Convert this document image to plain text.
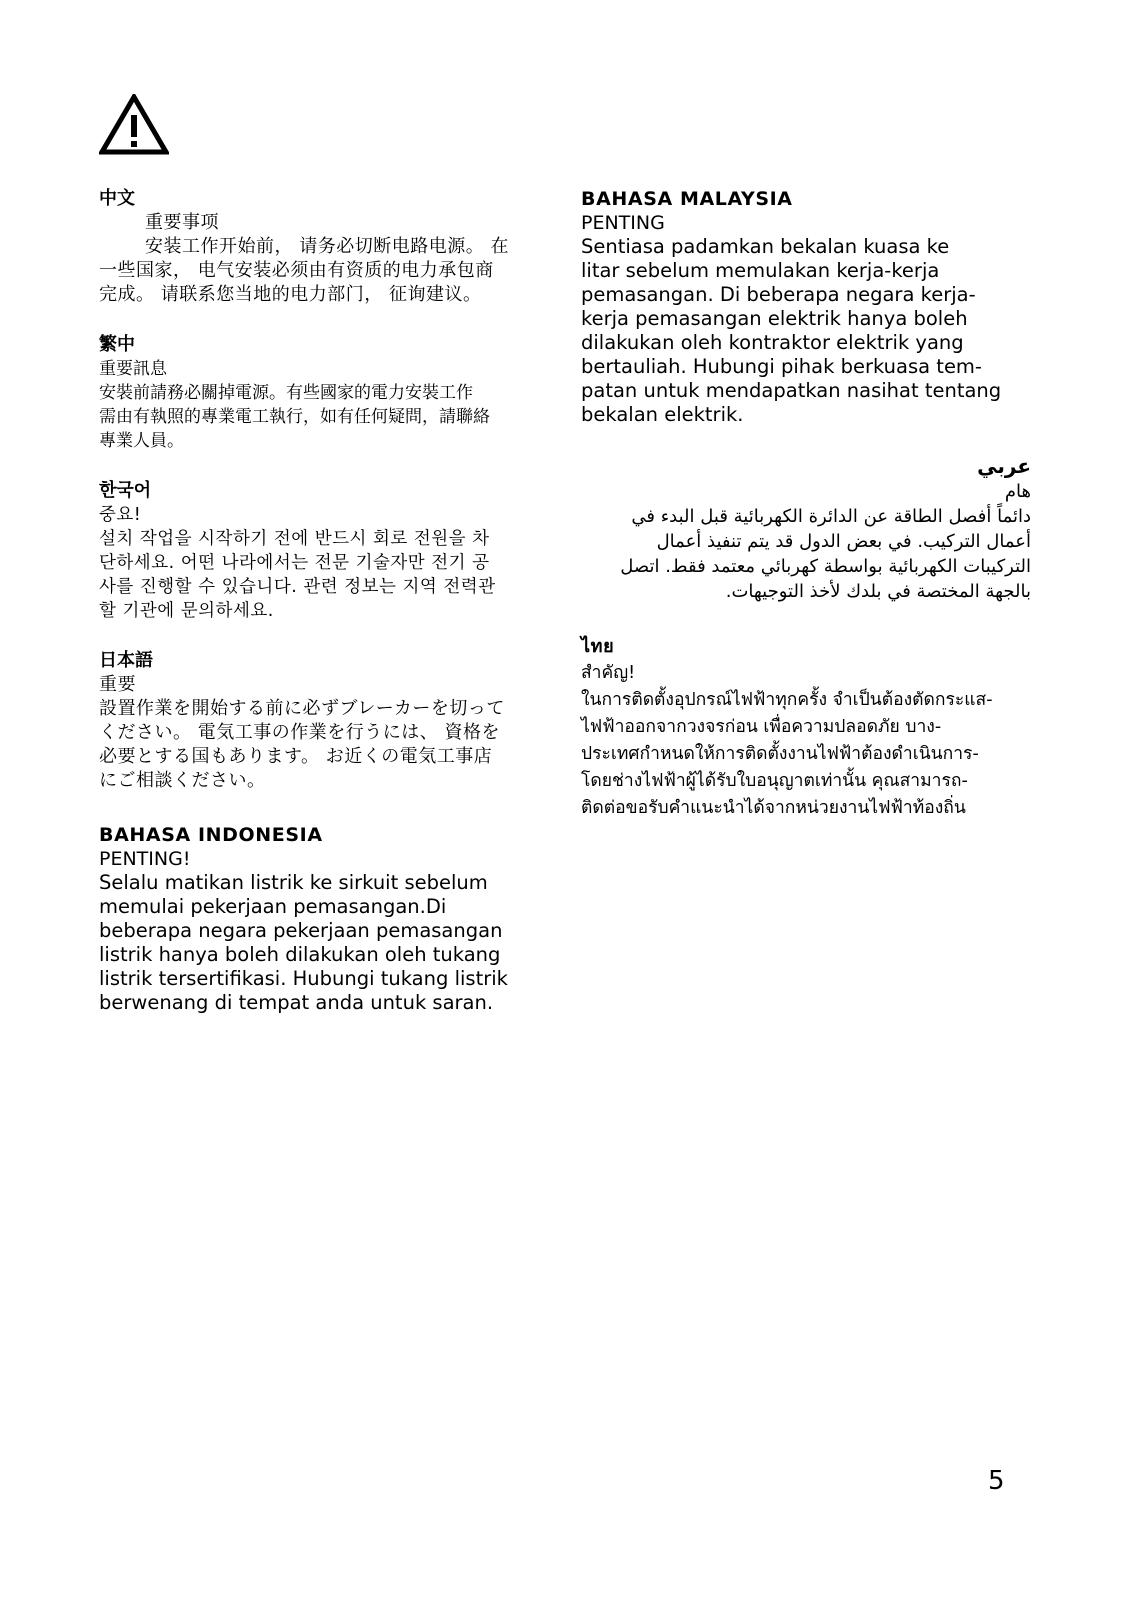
中文
重要事项
安装工作开始前， 请务必切断电路电源。 在
一些国家， 电气安装必须由有资质的电力承包商
完成。 请联系您当地的电力部门， 征询建议。
繁中
重要訊息
安裝前請務必關掉電源。有些國家的電力安裝工作
需由有執照的專業電工執行，如有任何疑問，請聯絡
專業人員。
한국어
중요!
설치 작업을 시작하기 전에 반드시 회로 전원을 차
단하세요. 어떤 나라에서는 전문 기술자만 전기 공
사를 진행할 수 있습니다. 관련 정보는 지역 전력관
할 기관에 문의하세요.
日本語
重要
設置作業を開始する前に必ずブレーカーを切って
ください。 電気工事の作業を行うには、 資格を
必要とする国もあります。 お近くの電気工事店
にご相談ください。
BAHASA INDONESIA
PENTING!
Selalu matikan listrik ke sirkuit sebelum
memulai pekerjaan pemasangan.Di
beberapa negara pekerjaan pemasangan
listrik hanya boleh dilakukan oleh tukang
listrik tersertifikasi. Hubungi tukang listrik
berwenang di tempat anda untuk saran.
BAHASA MALAYSIA
PENTING
Sentiasa padamkan bekalan kuasa ke
litar sebelum memulakan kerja-kerja
pemasangan. Di beberapa negara kerja-
kerja pemasangan elektrik hanya boleh
dilakukan oleh kontraktor elektrik yang
bertauliah. Hubungi pihak berkuasa tem-
patan untuk mendapatkan nasihat tentang
bekalan elektrik.
عربي
هام
دائماً أفصل الطاقة عن الدائرة الكهربائية قبل البدء في
أعمال التركيب. في بعض الدول قد يتم تنفيذ أعمال
التركيبات الكهربائية بواسطة كهربائي معتمد فقط. اتصل
بالجهة المختصة في بلدك لأخذ التوجيهات.
ไทย
สำคัญ!
ในการติดตั้งอุปกรณ์ไฟฟ้าทุกครั้ง จำเป็นต้องตัดกระแส-
ไฟฟ้าออกจากวงจรก่อน เพื่อความปลอดภัย บาง-
ประเทศกำหนดให้การติดตั้งงานไฟฟ้าต้องดำเนินการ-
โดยช่างไฟฟ้าผู้ได้รับใบอนุญาตเท่านั้น คุณสามารถ-
ติดต่อขอรับคำแนะนำได้จากหน่วยงานไฟฟ้าท้องถิ่น
5
